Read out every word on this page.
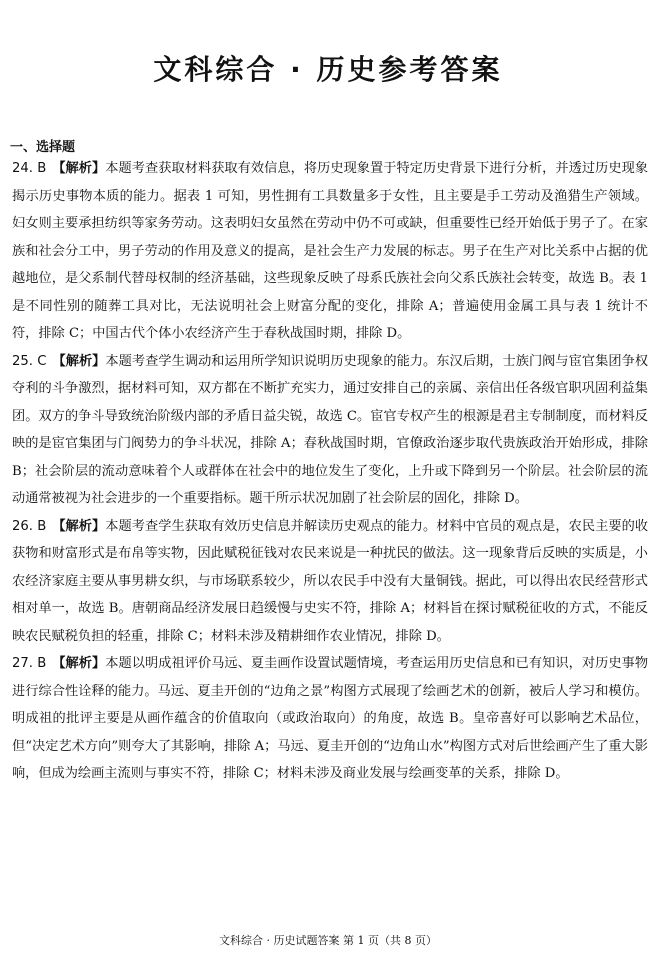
文科综合 · 历史参考答案
一、选择题

24. B 【解析】本题考查获取材料获取有效信息，将历史现象置于特定历史背景下进行分析，并透过历史现象揭示历史事物本质的能力。据表 1 可知，男性拥有工具数量多于女性，且主要是手工劳动及渔猎生产领域。妇女则主要承担纺织等家务劳动。这表明妇女虽然在劳动中仍不可或缺，但重要性已经开始低于男子了。在家族和社会分工中，男子劳动的作用及意义的提高，是社会生产力发展的标志。男子在生产对比关系中占据的优越地位，是父系制代替母权制的经济基础，这些现象反映了母系氏族社会向父系氏族社会转变，故选 B。表 1 是不同性别的随葬工具对比，无法说明社会上财富分配的变化，排除 A；普遍使用金属工具与表 1 统计不符，排除 C；中国古代个体小农经济产生于春秋战国时期，排除 D。

25. C 【解析】本题考查学生调动和运用所学知识说明历史现象的能力。东汉后期，士族门阀与宦官集团争权夺利的斗争激烈，据材料可知，双方都在不断扩充实力，通过安排自己的亲属、亲信出任各级官职巩固利益集团。双方的争斗导致统治阶级内部的矛盾日益尖锐，故选 C。宦官专权产生的根源是君主专制制度，而材料反映的是宦官集团与门阀势力的争斗状况，排除 A；春秋战国时期，官僚政治逐步取代贵族政治开始形成，排除 B；社会阶层的流动意味着个人或群体在社会中的地位发生了变化，上升或下降到另一个阶层。社会阶层的流动通常被视为社会进步的一个重要指标。题干所示状况加剧了社会阶层的固化，排除 D。

26. B 【解析】本题考查学生获取有效历史信息并解读历史观点的能力。材料中官员的观点是，农民主要的收获物和财富形式是布帛等实物，因此赋税征钱对农民来说是一种扰民的做法。这一现象背后反映的实质是，小农经济家庭主要从事男耕女织，与市场联系较少，所以农民手中没有大量铜钱。据此，可以得出农民经营形式相对单一，故选 B。唐朝商品经济发展日趋缓慢与史实不符，排除 A；材料旨在探讨赋税征收的方式，不能反映农民赋税负担的轻重，排除 C；材料未涉及精耕细作农业情况，排除 D。

27. B 【解析】本题以明成祖评价马远、夏圭画作设置试题情境，考查运用历史信息和已有知识，对历史事物进行综合性诠释的能力。马远、夏圭开创的“边角之景”构图方式展现了绘画艺术的创新，被后人学习和模仿。明成祖的批评主要是从画作蕴含的价值取向（或政治取向）的角度，故选 B。皇帝喜好可以影响艺术品位，但“决定艺术方向”则夸大了其影响，排除 A；马远、夏圭开创的“边角山水”构图方式对后世绘画产生了重大影响，但成为绘画主流则与事实不符，排除 C；材料未涉及商业发展与绘画变革的关系，排除 D。

文科综合 · 历史试题答案 第 1 页（共 8 页）
